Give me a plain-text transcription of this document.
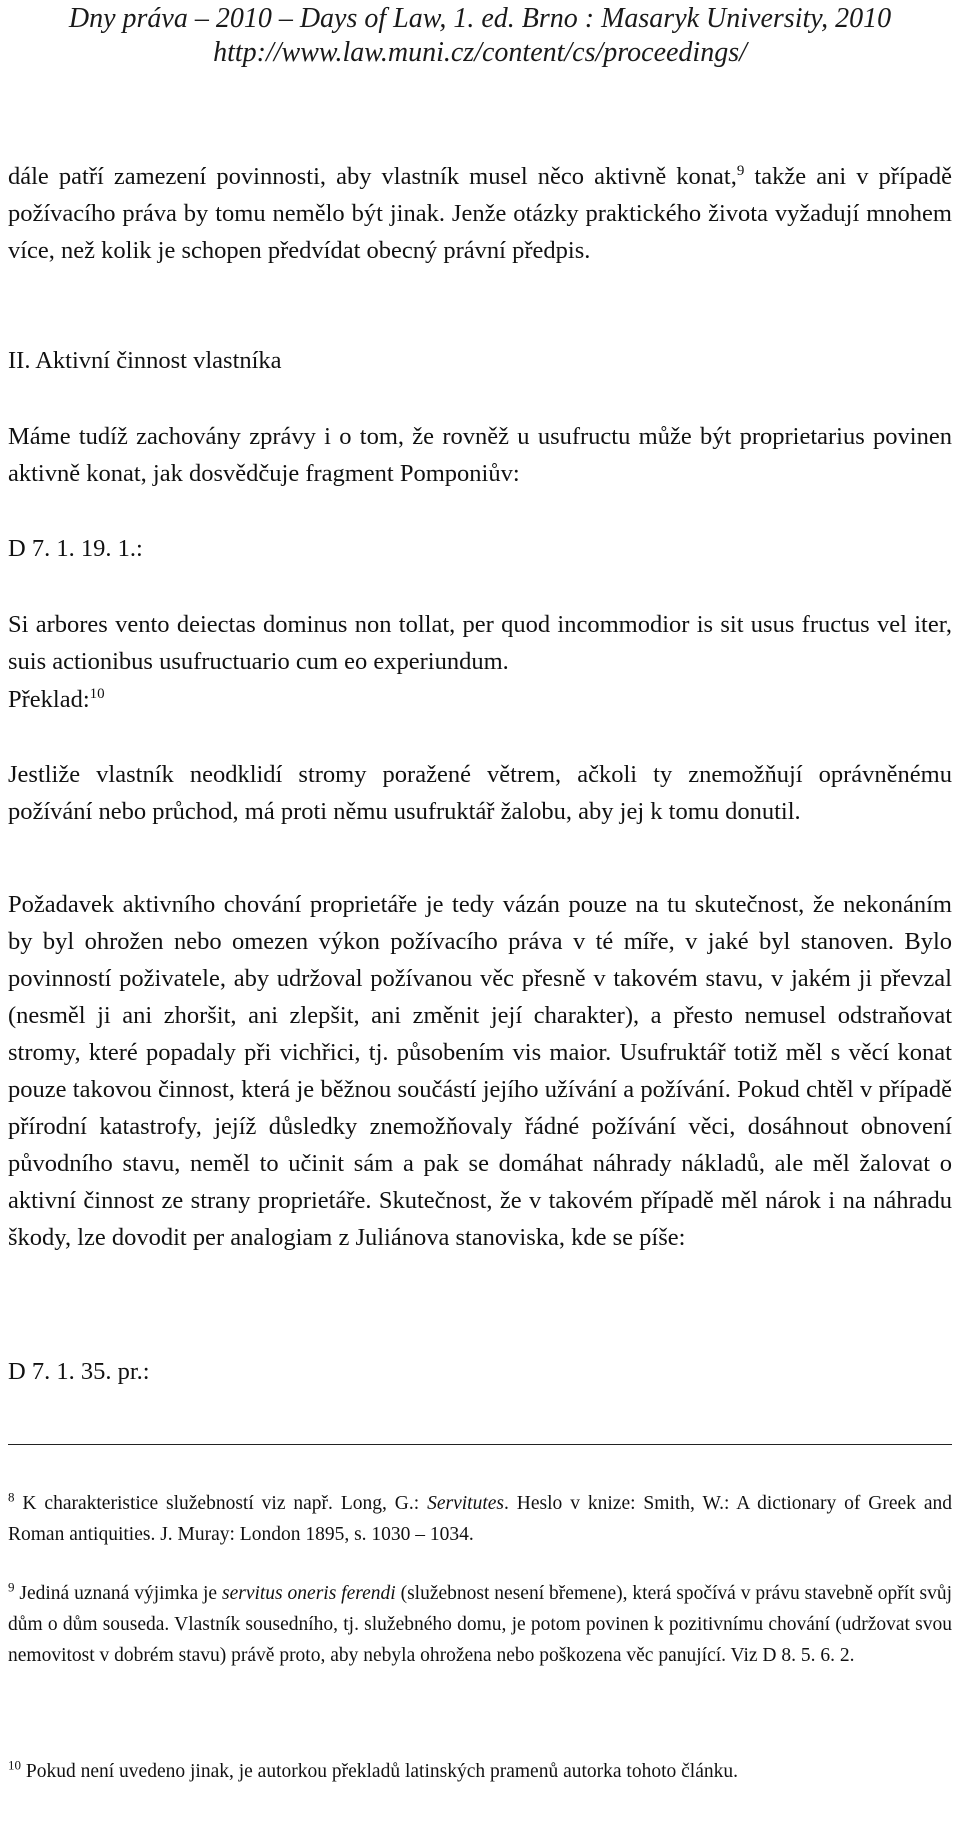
Dny práva – 2010 – Days of Law, 1. ed. Brno : Masaryk University, 2010
http://www.law.muni.cz/content/cs/proceedings/

dále patří zamezení povinnosti, aby vlastník musel něco aktivně konat,$^9$ takže ani v případě požívacího práva by tomu nemělo být jinak. Jenže otázky praktického života vyžadují mnohem více, než kolik je schopen předvídat obecný právní předpis.

II. Aktivní činnost vlastníka

Máme tudíž zachovány zprávy i o tom, že rovněž u usufructu může být proprietarius povinen aktivně konat, jak dosvědčuje fragment Pomponiův:

D 7. 1. 19. 1.:

Si arbores vento deiectas dominus non tollat, per quod incommodior is sit usus fructus vel iter, suis actionibus usufructuario cum eo experiundum.

Překlad:$^{10}$

Jestliže vlastník neodklidí stromy poražené větrem, ačkoli ty znemožňují oprávněnému požívání nebo průchod, má proti němu usufruktář žalobu, aby jej k tomu donutil.

Požadavek aktivního chování proprietáře je tedy vázán pouze na tu skutečnost, že nekonáním by byl ohrožen nebo omezen výkon požívacího práva v té míře, v jaké byl stanoven. Bylo povinností poživatele, aby udržoval požívanou věc přesně v takovém stavu, v jakém ji převzal (nesměl ji ani zhoršit, ani zlepšit, ani změnit její charakter), a přesto nemusel odstraňovat stromy, které popadaly při vichřici, tj. působením vis maior. Usufruktář totiž měl s věcí konat pouze takovou činnost, která je běžnou součástí jejího užívání a požívání. Pokud chtěl v případě přírodní katastrofy, jejíž důsledky znemožňovaly řádné požívání věci, dosáhnout obnovení původního stavu, neměl to učinit sám a pak se domáhat náhrady nákladů, ale měl žalovat o aktivní činnost ze strany proprietáře. Skutečnost, že v takovém případě měl nárok i na náhradu škody, lze dovodit per analogiam z Juliánova stanoviska, kde se píše:

D 7. 1. 35. pr.:

$^8$ K charakteristice služebností viz např. Long, G.: Servitutes. Heslo v knize: Smith, W.: A dictionary of Greek and Roman antiquities. J. Muray: London 1895, s. 1030 – 1034.

$^9$ Jediná uznaná výjimka je servitus oneris ferendi (služebnost nesení břemene), která spočívá v právu stavebně opřít svůj dům o dům souseda. Vlastník sousedního, tj. služebného domu, je potom povinen k pozitivnímu chování (udržovat svou nemovitost v dobrém stavu) právě proto, aby nebyla ohrožena nebo poškozena věc panující. Viz D 8. 5. 6. 2.

$^{10}$ Pokud není uvedeno jinak, je autorkou překladů latinských pramenů autorka tohoto článku.
